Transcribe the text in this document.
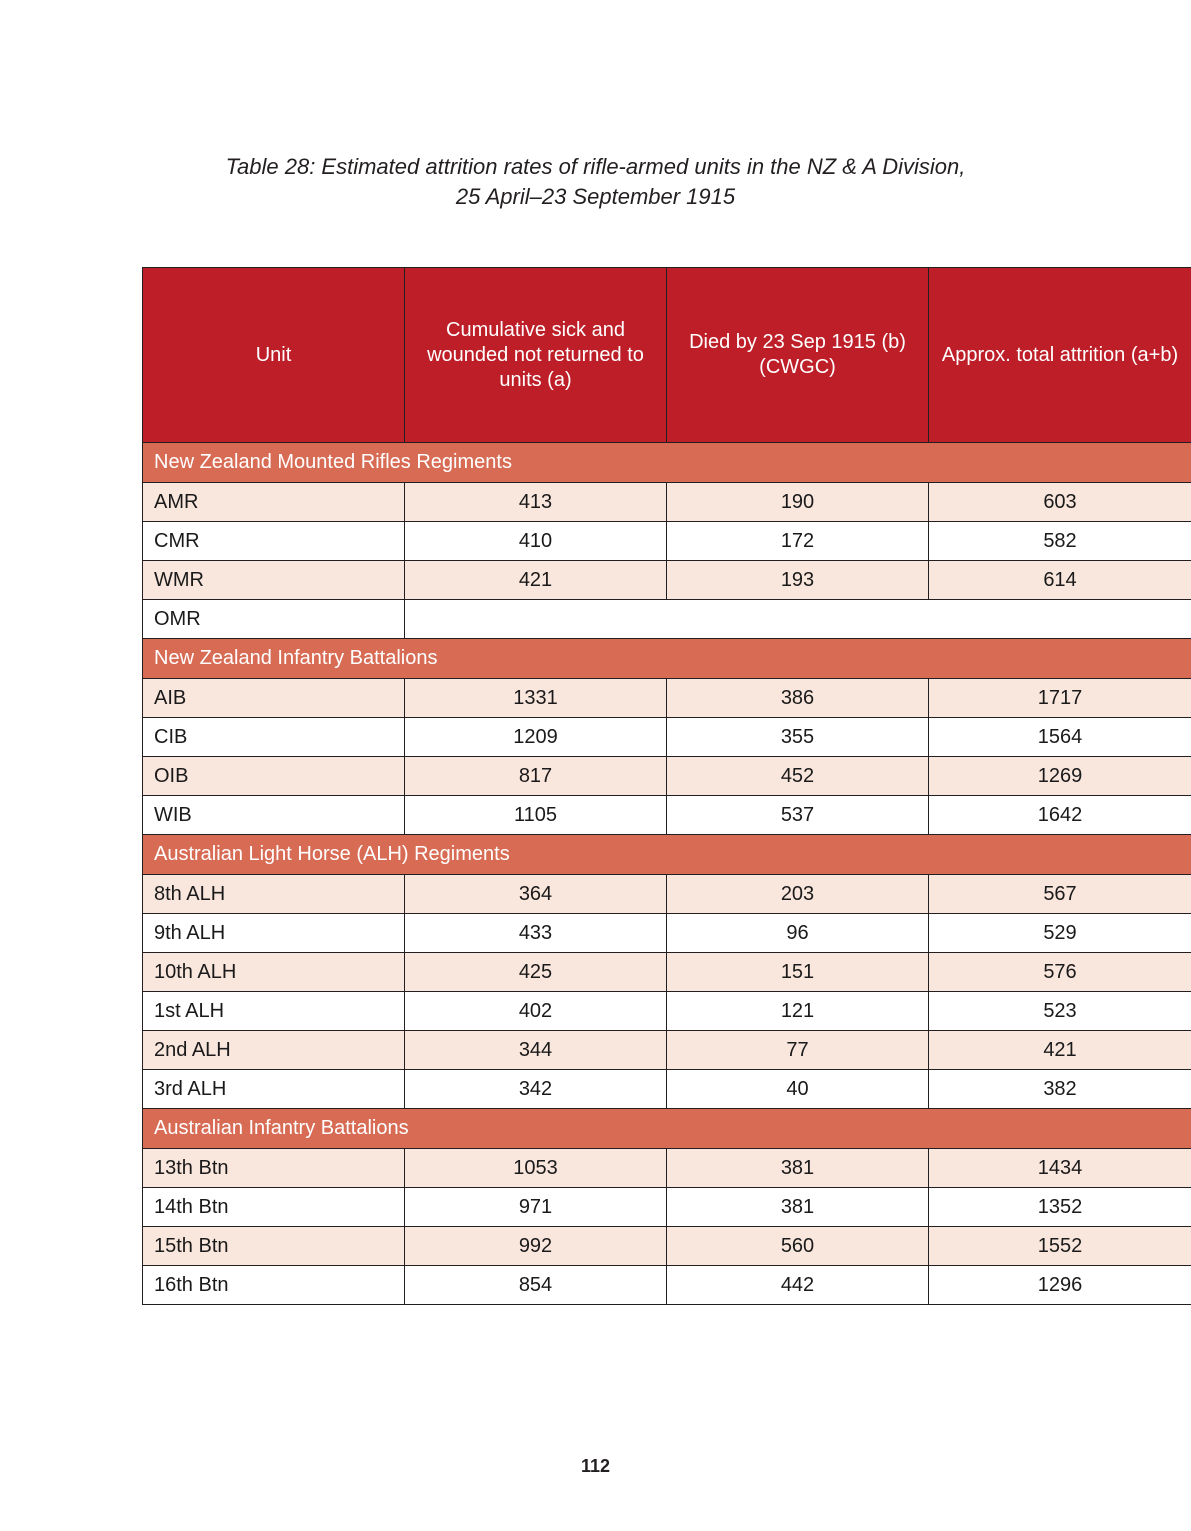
Table 28: Estimated attrition rates of rifle-armed units in the NZ & A Division,
25 April–23 September 1915
Unit	Cumulative sick and wounded not returned to units (a)	Died by 23 Sep 1915 (b) (CWGC)	Approx. total attrition (a+b)
New Zealand Mounted Rifles Regiments			
AMR	413	190	603
CMR	410	172	582
WMR	421	193	614
OMR			
New Zealand Infantry Battalions			
AIB	1331	386	1717
CIB	1209	355	1564
OIB	817	452	1269
WIB	1105	537	1642
Australian Light Horse (ALH) Regiments			
8th ALH	364	203	567
9th ALH	433	96	529
10th ALH	425	151	576
1st ALH	402	121	523
2nd ALH	344	77	421
3rd ALH	342	40	382
Australian Infantry Battalions			
13th Btn	1053	381	1434
14th Btn	971	381	1352
15th Btn	992	560	1552
16th Btn	854	442	1296
112
